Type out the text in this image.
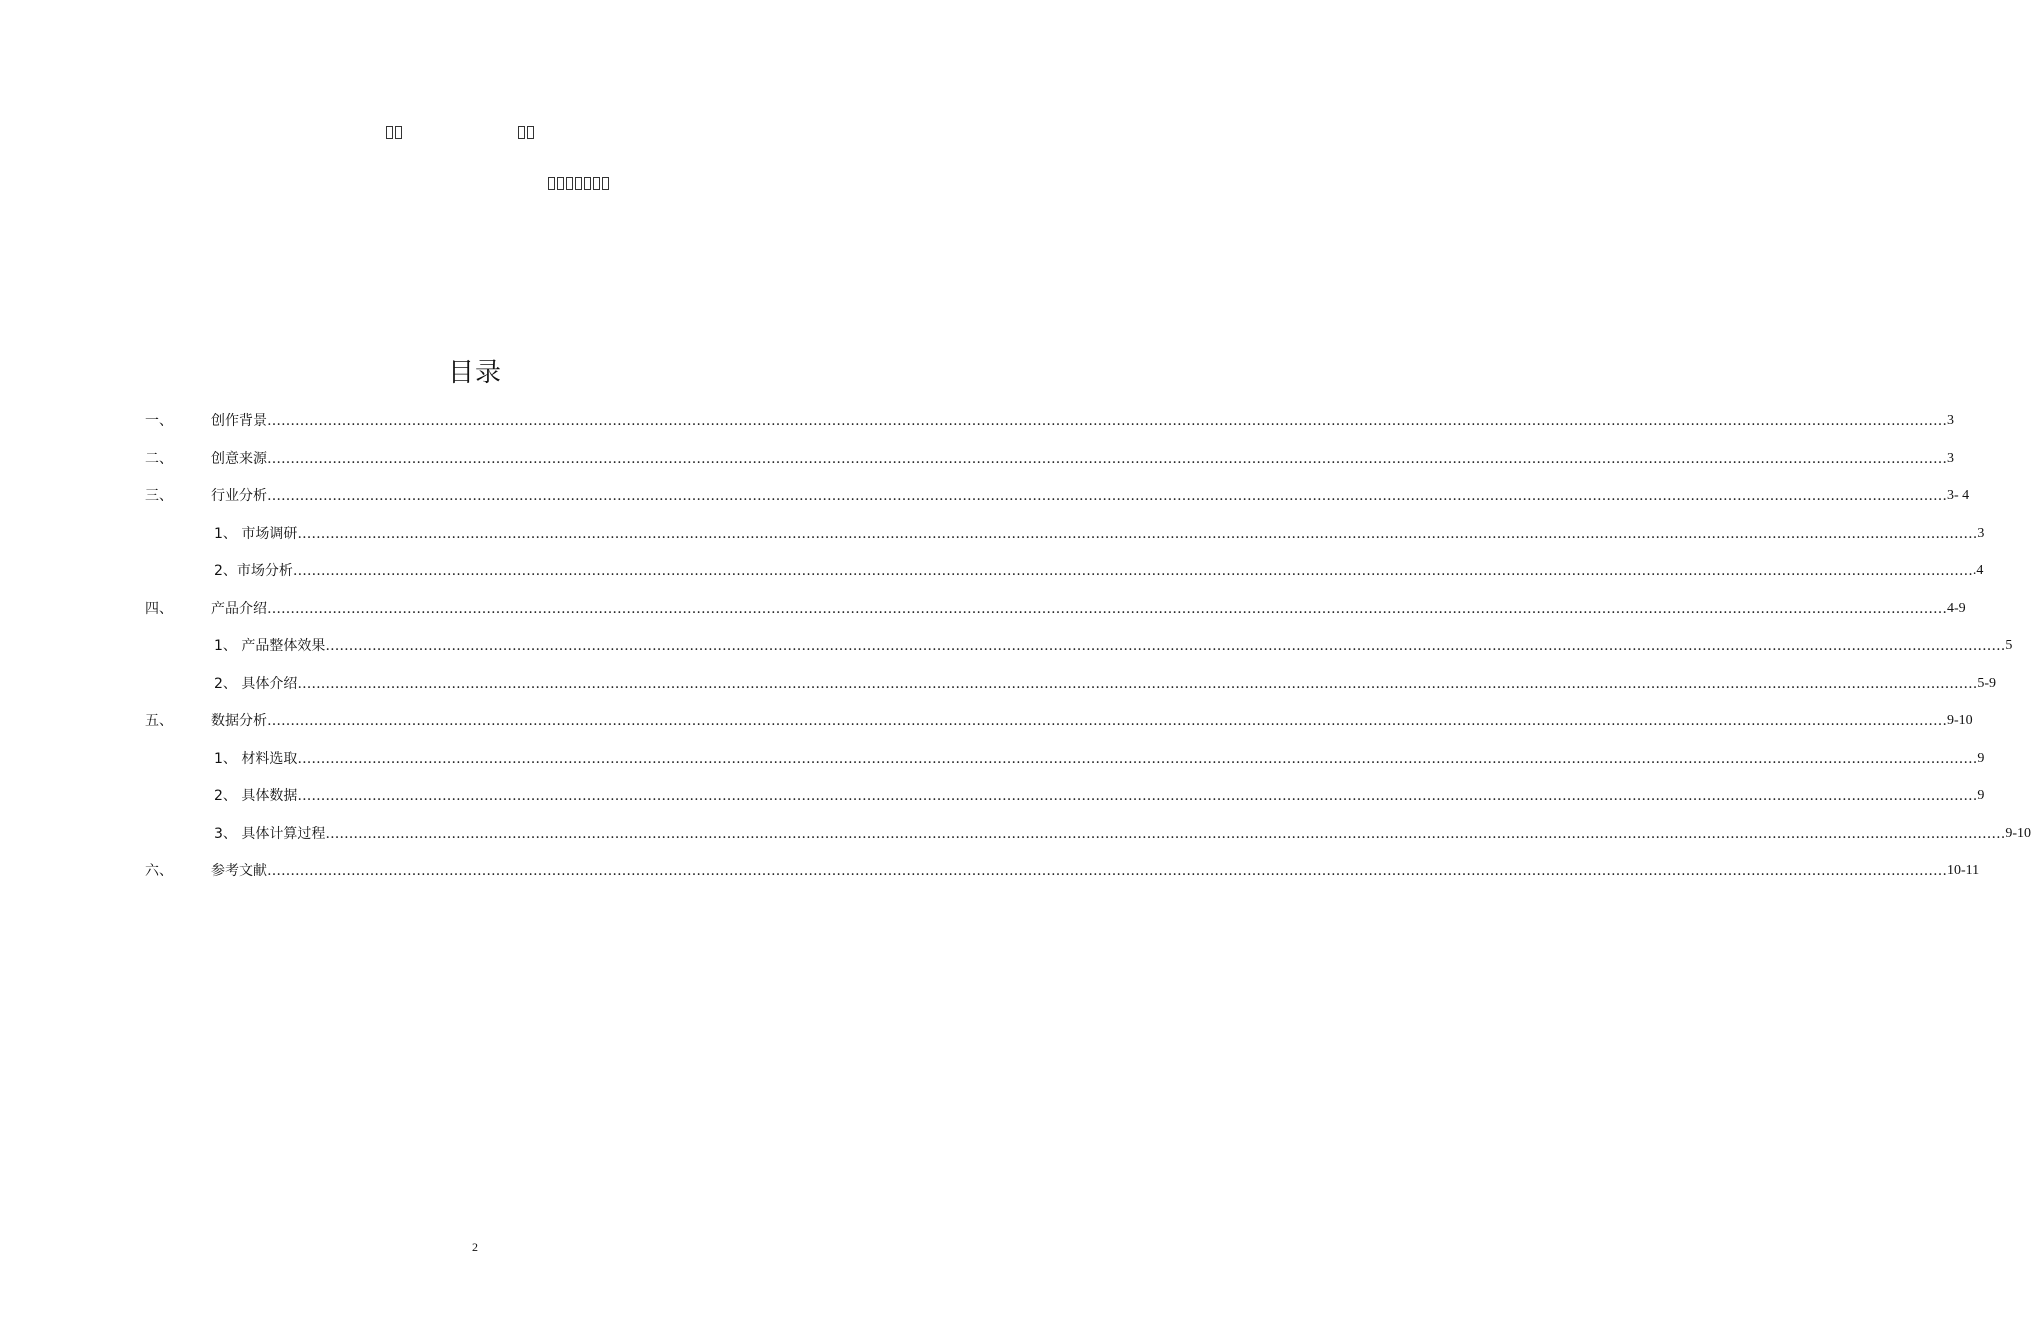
目录
一、	创作背景 ……………………………………………………………………………………………………………………………………………………………………………………………………………………………………………………………………………………………………………………………… 3
二、	创意来源 ……………………………………………………………………………………………………………………………………………………………………………………………………………………………………………………………………………………………………………………………… 3
三、	行业分析 ……………………………………………………………………………………………………………………………………………………………………………………………………………………………………………………………………………………………………………………………… 3- 4
1、 市场调研 ……………………………………………………………………………………………………………………………………………………………………………………………………………………………………………………………………………………………………………………………… 3
2、市场分析 ……………………………………………………………………………………………………………………………………………………………………………………………………………………………………………………………………………………………………………………………… .4
四、	产品介绍 ……………………………………………………………………………………………………………………………………………………………………………………………………………………………………………………………………………………………………………………………… 4-9
1、 产品整体效果 ……………………………………………………………………………………………………………………………………………………………………………………………………………………………………………………………………………………………………………………………… 5
2、 具体介绍 ……………………………………………………………………………………………………………………………………………………………………………………………………………………………………………………………………………………………………………………………… 5-9
五、	数据分析 ……………………………………………………………………………………………………………………………………………………………………………………………………………………………………………………………………………………………………………………………… 9-10
1、 材料选取 ……………………………………………………………………………………………………………………………………………………………………………………………………………………………………………………………………………………………………………………………… 9
2、 具体数据 ……………………………………………………………………………………………………………………………………………………………………………………………………………………………………………………………………………………………………………………………… 9
3、 具体计算过程 ……………………………………………………………………………………………………………………………………………………………………………………………………………………………………………………………………………………………………………………………… 9-10
六、	参考文献 ……………………………………………………………………………………………………………………………………………………………………………………………………………………………………………………………………………………………………………………………… 10-11
2
